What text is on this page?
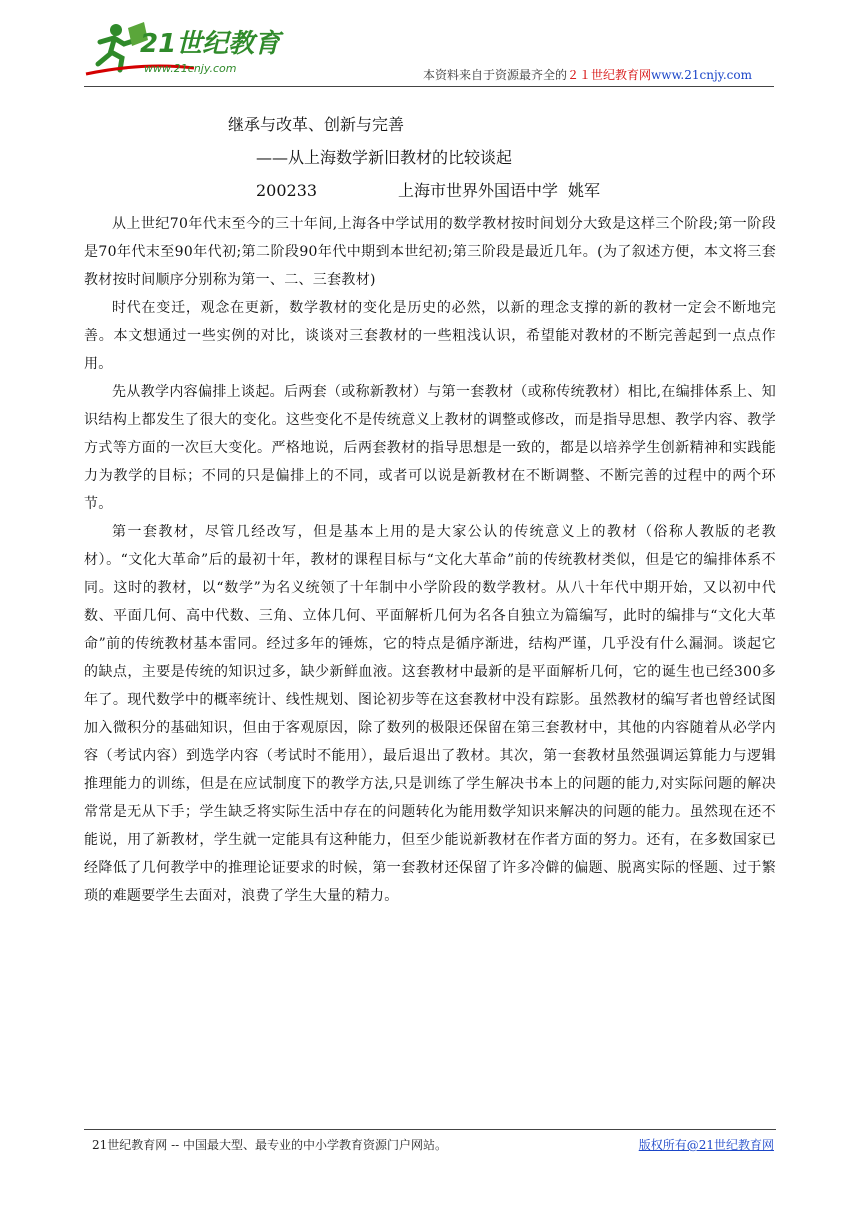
21世纪教育
www.21cnjy.com	本资料来自于资源最齐全的２１世纪教育网www.21cnjy.com
继承与改革、创新与完善
——从上海数学新旧教材的比较谈起
200233	上海市世界外国语中学 姚军

从上世纪70年代末至今的三十年间,上海各中学试用的数学教材按时间划分大致是这样三个阶段;第一阶段是70年代末至90年代初;第二阶段90年代中期到本世纪初;第三阶段是最近几年。(为了叙述方便，本文将三套教材按时间顺序分别称为第一、二、三套教材)

时代在变迁，观念在更新，数学教材的变化是历史的必然，以新的理念支撑的新的教材一定会不断地完善。本文想通过一些实例的对比，谈谈对三套教材的一些粗浅认识，希望能对教材的不断完善起到一点点作用。

先从教学内容偏排上谈起。后两套（或称新教材）与第一套教材（或称传统教材）相比,在编排体系上、知识结构上都发生了很大的变化。这些变化不是传统意义上教材的调整或修改，而是指导思想、教学内容、教学方式等方面的一次巨大变化。严格地说，后两套教材的指导思想是一致的，都是以培养学生创新精神和实践能力为教学的目标；不同的只是偏排上的不同，或者可以说是新教材在不断调整、不断完善的过程中的两个环节。

第一套教材，尽管几经改写，但是基本上用的是大家公认的传统意义上的教材（俗称人教版的老教材）。“文化大革命”后的最初十年，教材的课程目标与“文化大革命”前的传统教材类似，但是它的编排体系不同。这时的教材，以“数学”为名义统领了十年制中小学阶段的数学教材。从八十年代中期开始，又以初中代数、平面几何、高中代数、三角、立体几何、平面解析几何为名各自独立为篇编写，此时的编排与“文化大革命”前的传统教材基本雷同。经过多年的锤炼，它的特点是循序渐进，结构严谨，几乎没有什么漏洞。谈起它的缺点，主要是传统的知识过多，缺少新鲜血液。这套教材中最新的是平面解析几何，它的诞生也已经300多年了。现代数学中的概率统计、线性规划、图论初步等在这套教材中没有踪影。虽然教材的编写者也曾经试图加入微积分的基础知识，但由于客观原因，除了数列的极限还保留在第三套教材中，其他的内容随着从必学内容（考试内容）到选学内容（考试时不能用），最后退出了教材。其次，第一套教材虽然强调运算能力与逻辑推理能力的训练，但是在应试制度下的教学方法,只是训练了学生解决书本上的问题的能力,对实际问题的解决常常是无从下手；学生缺乏将实际生活中存在的问题转化为能用数学知识来解决的问题的能力。虽然现在还不能说，用了新教材，学生就一定能具有这种能力，但至少能说新教材在作者方面的努力。还有，在多数国家已经降低了几何教学中的推理论证要求的时候，第一套教材还保留了许多冷僻的偏题、脱离实际的怪题、过于繁琐的难题要学生去面对，浪费了学生大量的精力。

21世纪教育网 -- 中国最大型、最专业的中小学教育资源门户网站。	版权所有@21世纪教育网
